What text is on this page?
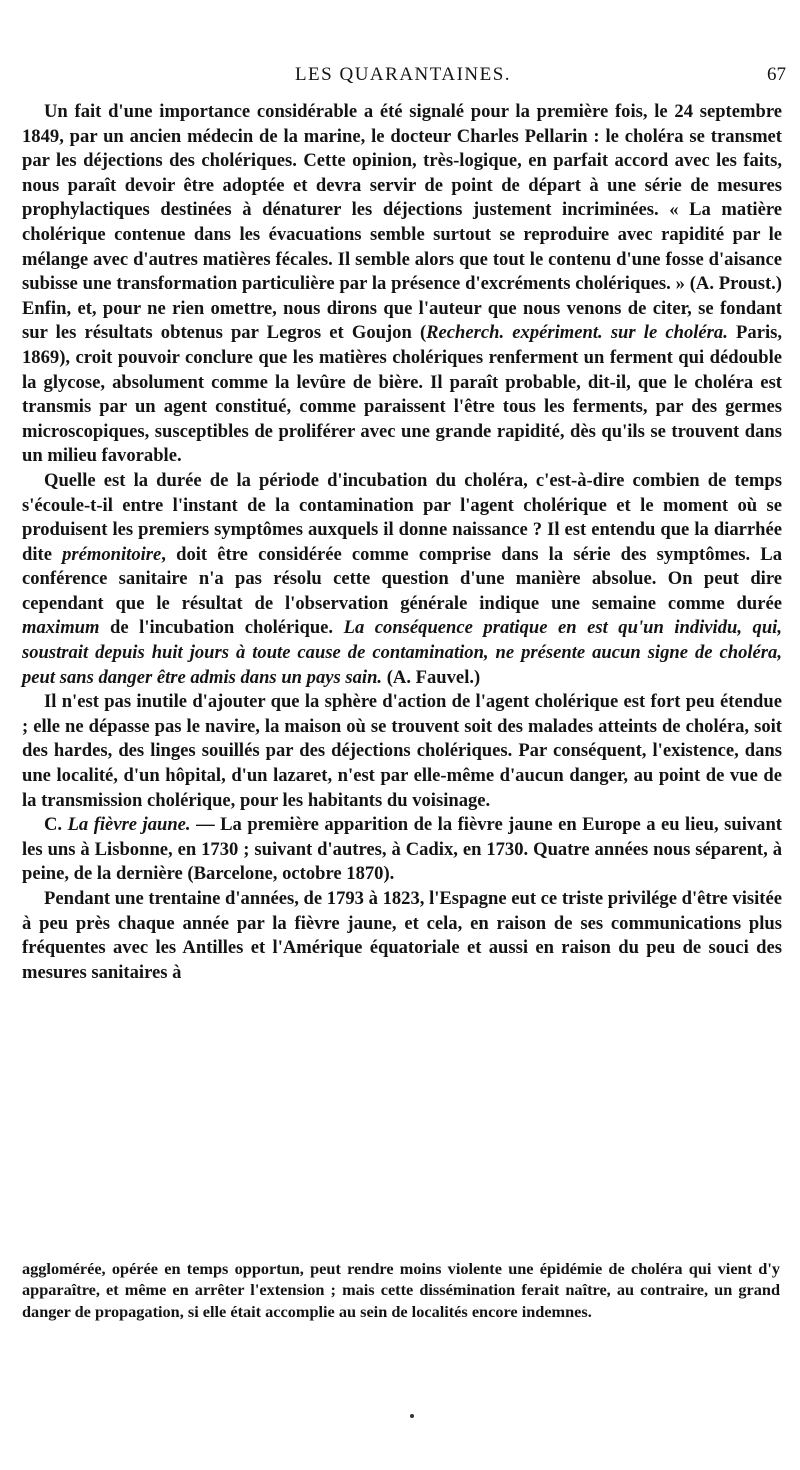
LES QUARANTAINES.	67

Un fait d'une importance considérable a été signalé pour la première fois, le 24 septembre 1849, par un ancien médecin de la marine, le docteur Charles Pellarin : le choléra se transmet par les déjections des cholériques. Cette opinion, très-logique, en parfait accord avec les faits, nous paraît devoir être adoptée et devra servir de point de départ à une série de mesures prophylactiques destinées à dénaturer les déjections justement incriminées. « La matière cholérique contenue dans les évacuations semble surtout se reproduire avec rapidité par le mélange avec d'autres matières fécales. Il semble alors que tout le contenu d'une fosse d'aisance subisse une transformation particulière par la présence d'excréments cholériques. » (A. Proust.) Enfin, et, pour ne rien omettre, nous dirons que l'auteur que nous venons de citer, se fondant sur les résultats obtenus par Legros et Goujon (Recherch. expériment. sur le choléra. Paris, 1869), croit pouvoir conclure que les matières cholériques renferment un ferment qui dédouble la glycose, absolument comme la levûre de bière. Il paraît probable, dit-il, que le choléra est transmis par un agent constitué, comme paraissent l'être tous les ferments, par des germes microscopiques, susceptibles de proliférer avec une grande rapidité, dès qu'ils se trouvent dans un milieu favorable.

Quelle est la durée de la période d'incubation du choléra, c'est-à-dire combien de temps s'écoule-t-il entre l'instant de la contamination par l'agent cholérique et le moment où se produisent les premiers symptômes auxquels il donne naissance ? Il est entendu que la diarrhée dite prémonitoire, doit être considérée comme comprise dans la série des symptômes. La conférence sanitaire n'a pas résolu cette question d'une manière absolue. On peut dire cependant que le résultat de l'observation générale indique une semaine comme durée maximum de l'incubation cholérique. La conséquence pratique en est qu'un individu, qui, soustrait depuis huit jours à toute cause de contamination, ne présente aucun signe de choléra, peut sans danger être admis dans un pays sain. (A. Fauvel.)

Il n'est pas inutile d'ajouter que la sphère d'action de l'agent cholérique est fort peu étendue ; elle ne dépasse pas le navire, la maison où se trouvent soit des malades atteints de choléra, soit des hardes, des linges souillés par des déjections cholériques. Par conséquent, l'existence, dans une localité, d'un hôpital, d'un lazaret, n'est par elle-même d'aucun danger, au point de vue de la transmission cholérique, pour les habitants du voisinage.

C. La fièvre jaune. — La première apparition de la fièvre jaune en Europe a eu lieu, suivant les uns à Lisbonne, en 1730 ; suivant d'autres, à Cadix, en 1730. Quatre années nous séparent, à peine, de la dernière (Barcelone, octobre 1870).

Pendant une trentaine d'années, de 1793 à 1823, l'Espagne eut ce triste privilége d'être visitée à peu près chaque année par la fièvre jaune, et cela, en raison de ses communications plus fréquentes avec les Antilles et l'Amérique équatoriale et aussi en raison du peu de souci des mesures sanitaires à

agglomérée, opérée en temps opportun, peut rendre moins violente une épidémie de choléra qui vient d'y apparaître, et même en arrêter l'extension ; mais cette dissémination ferait naître, au contraire, un grand danger de propagation, si elle était accomplie au sein de localités encore indemnes.
